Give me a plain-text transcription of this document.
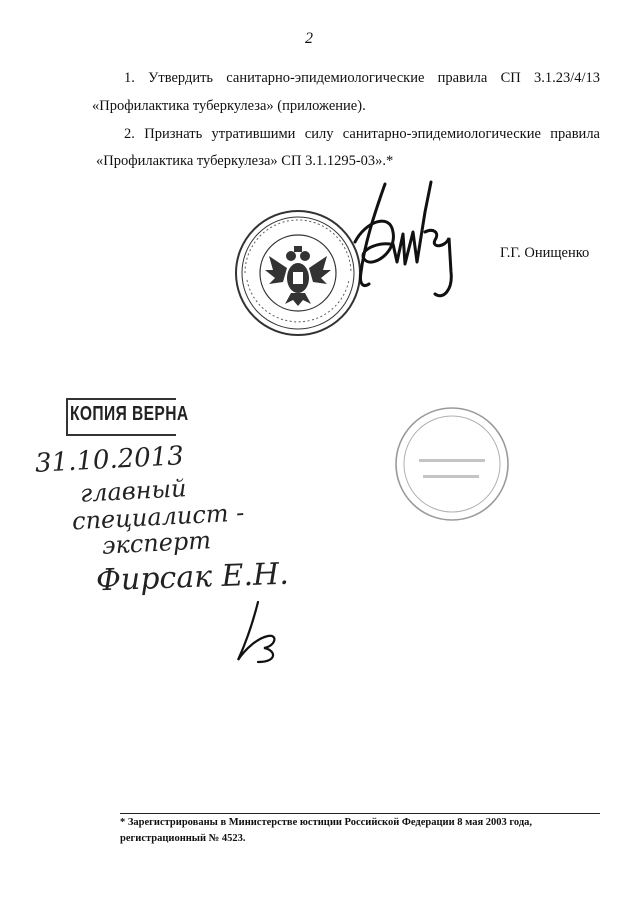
2
1. Утвердить санитарно-эпидемиологические правила СП 3.1.23/4/13
«Профилактика туберкулеза» (приложение).
2. Признать утратившими силу санитарно-эпидемиологические правила
«Профилактика туберкулеза» СП 3.1.1295-03».*
Г.Г. Онищенко
КОПИЯ ВЕРНА
31.10.2013
главный
специалист -
эксперт
Фирсак Е.Н.
* Зарегистрированы в Министерстве юстиции Российской Федерации 8 мая 2003 года,
регистрационный № 4523.
